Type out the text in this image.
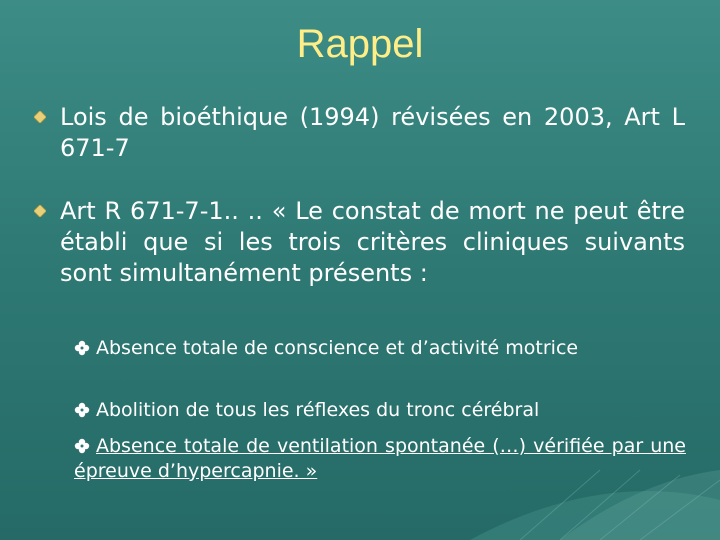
Rappel
Lois de bioéthique (1994) révisées en 2003, Art L 671-7
Art R 671-7-1.. .. « Le constat de mort ne peut être établi que si les trois critères cliniques suivants sont simultanément présents :
Absence totale de conscience et d’activité motrice
Abolition de tous les réflexes du tronc cérébral
Absence totale de ventilation spontanée (…) vérifiée par une épreuve d’hypercapnie. »
